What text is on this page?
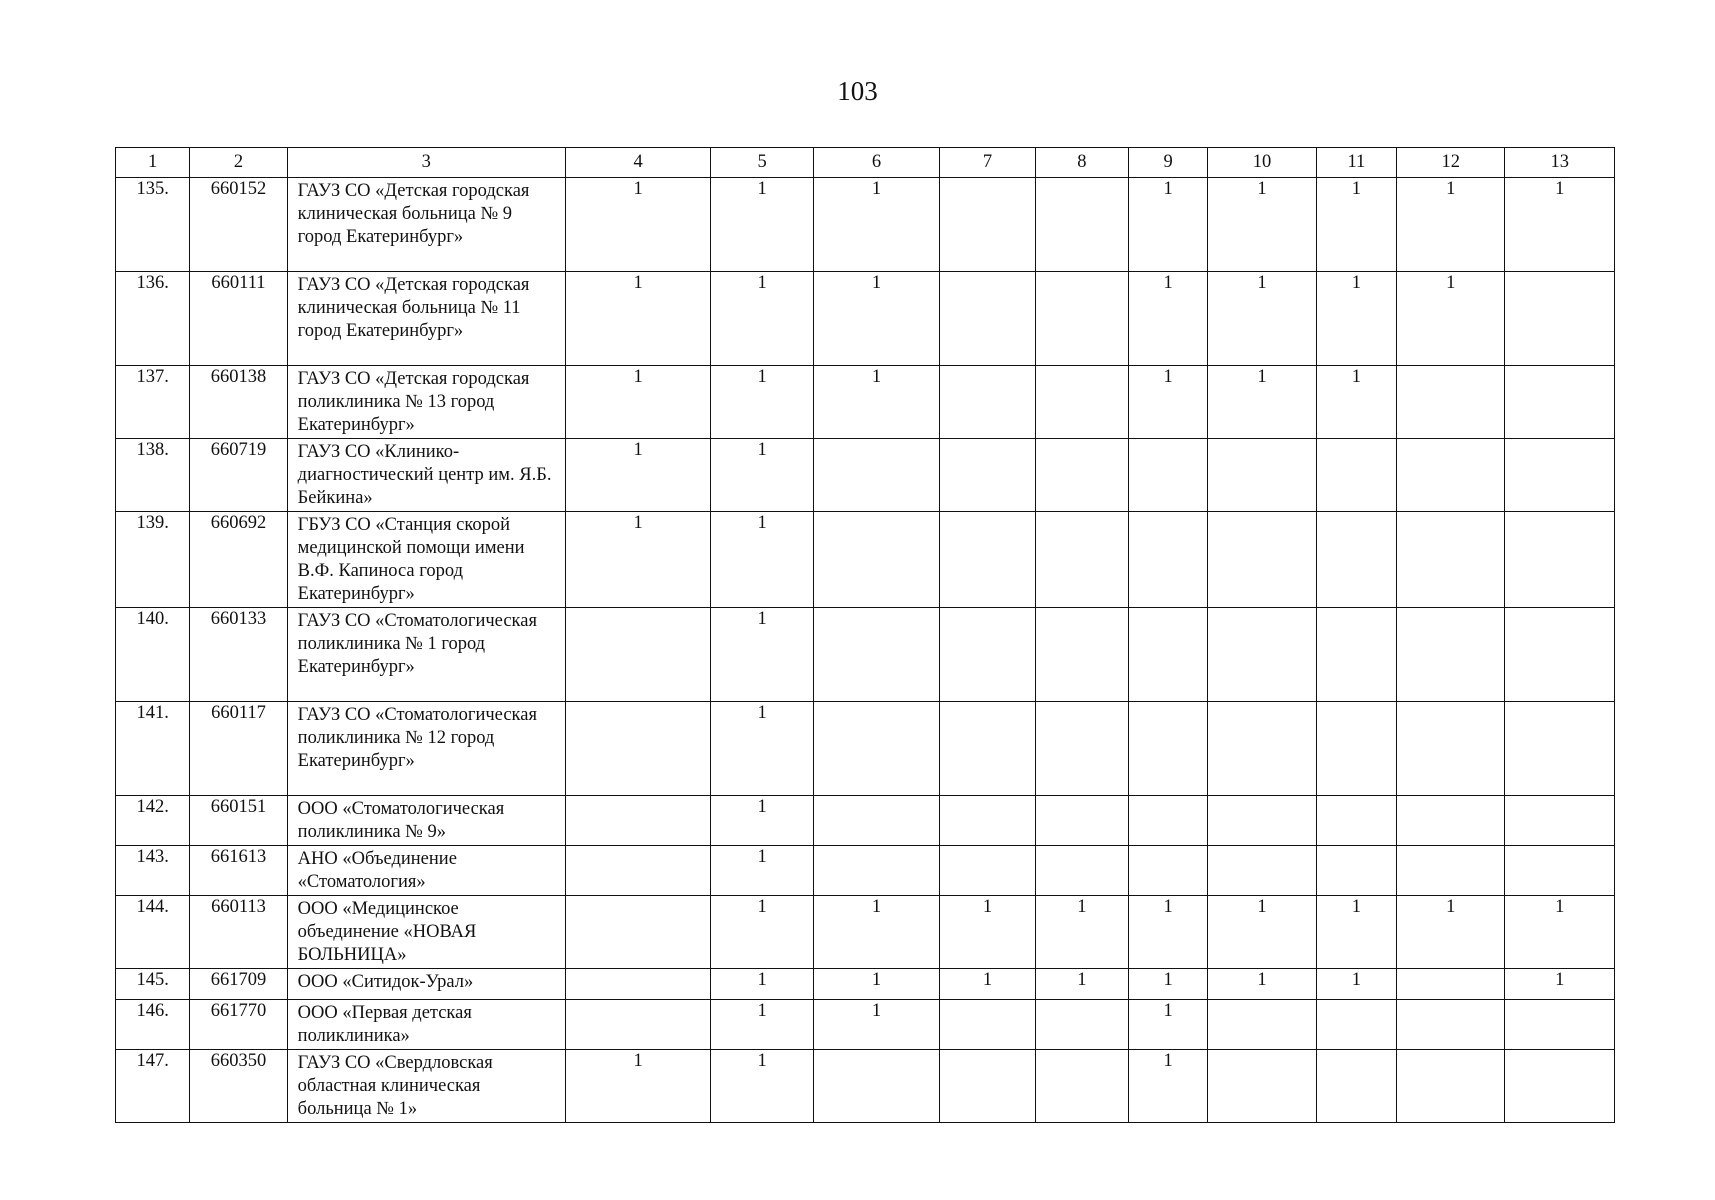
103
1	2	3	4	5	6	7	8	9	10	11	12	13
135.	660152	ГАУЗ СО «Детская городская клиническая больница № 9 город Екатеринбург»	1	1	1			1	1	1	1	1
136.	660111	ГАУЗ СО «Детская городская клиническая больница № 11 город Екатеринбург»	1	1	1			1	1	1	1	
137.	660138	ГАУЗ СО «Детская городская поликлиника № 13 город Екатеринбург»	1	1	1			1	1	1		
138.	660719	ГАУЗ СО «Клинико-диагностический центр им. Я.Б. Бейкина»	1	1								
139.	660692	ГБУЗ СО «Станция скорой медицинской помощи имени В.Ф. Капиноса город Екатеринбург»	1	1								
140.	660133	ГАУЗ СО «Стоматологическая поликлиника № 1 город Екатеринбург»		1								
141.	660117	ГАУЗ СО «Стоматологическая поликлиника № 12 город Екатеринбург»		1								
142.	660151	ООО «Стоматологическая поликлиника № 9»		1								
143.	661613	АНО «Объединение «Стоматология»		1								
144.	660113	ООО «Медицинское объединение «НОВАЯ БОЛЬНИЦА»		1	1	1	1	1	1	1	1	1
145.	661709	ООО «Ситидок-Урал»		1	1	1	1	1	1	1		1
146.	661770	ООО «Первая детская поликлиника»		1	1			1				
147.	660350	ГАУЗ СО «Свердловская областная клиническая больница № 1»	1	1				1				
